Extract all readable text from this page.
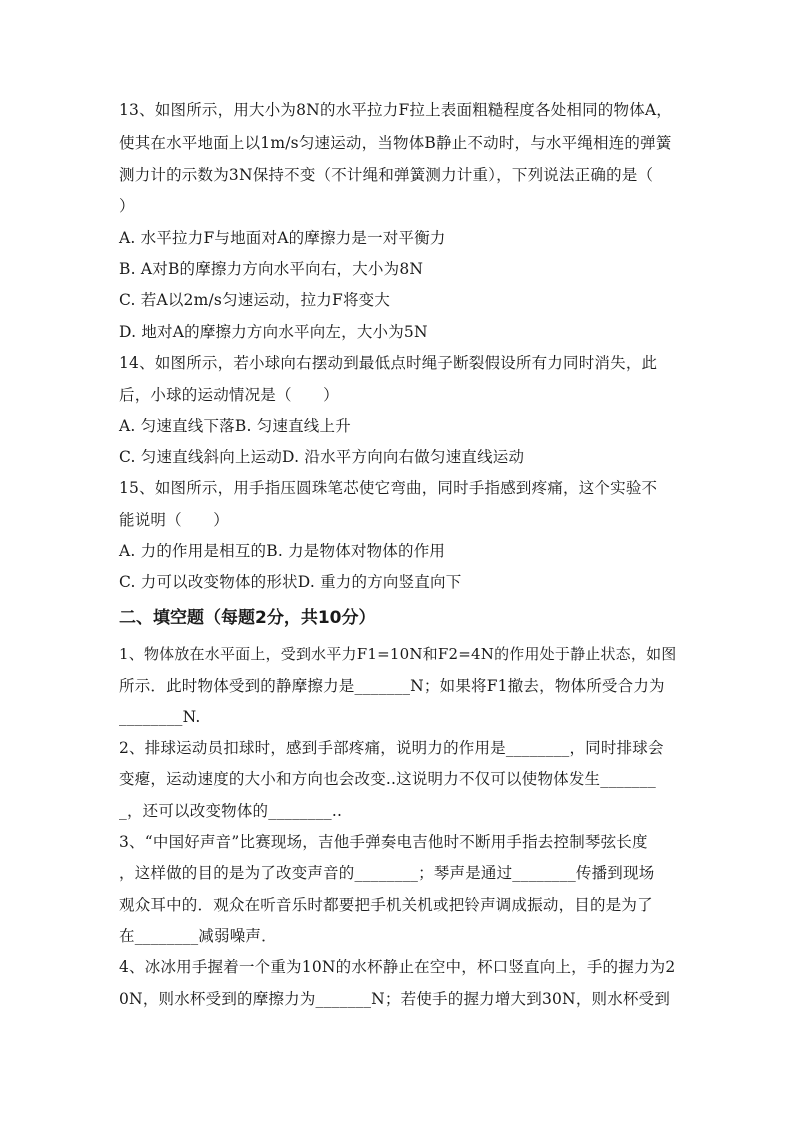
13、如图所示，用大小为8N的水平拉力F拉上表面粗糙程度各处相同的物体A，
使其在水平地面上以1m/s匀速运动，当物体B静止不动时，与水平绳相连的弹簧
测力计的示数为3N保持不变（不计绳和弹簧测力计重），下列说法正确的是（
）
A. 水平拉力F与地面对A的摩擦力是一对平衡力
B. A对B的摩擦力方向水平向右，大小为8N
C. 若A以2m/s匀速运动，拉力F将变大
D. 地对A的摩擦力方向水平向左，大小为5N
14、如图所示，若小球向右摆动到最低点时绳子断裂假设所有力同时消失，此
后，小球的运动情况是（　　）
A. 匀速直线下落B. 匀速直线上升
C. 匀速直线斜向上运动D. 沿水平方向向右做匀速直线运动
15、如图所示，用手指压圆珠笔芯使它弯曲，同时手指感到疼痛，这个实验不
能说明（　　）
A. 力的作用是相互的B. 力是物体对物体的作用
C. 力可以改变物体的形状D. 重力的方向竖直向下
二、填空题（每题2分，共10分）
1、物体放在水平面上，受到水平力F1=10N和F2=4N的作用处于静止状态，如图
所示．此时物体受到的静摩擦力是_______N；如果将F1撤去，物体所受合力为
________N.
2、排球运动员扣球时，感到手部疼痛，说明力的作用是________，同时排球会
变瘪，运动速度的大小和方向也会改变..这说明力不仅可以使物体发生_______
_，还可以改变物体的________..
3、“中国好声音”比赛现场，吉他手弹奏电吉他时不断用手指去控制琴弦长度
，这样做的目的是为了改变声音的________；琴声是通过________传播到现场
观众耳中的．观众在听音乐时都要把手机关机或把铃声调成振动，目的是为了
在________减弱噪声．
4、冰冰用手握着一个重为10N的水杯静止在空中，杯口竖直向上，手的握力为2
0N，则水杯受到的摩擦力为_______N；若使手的握力增大到30N，则水杯受到
